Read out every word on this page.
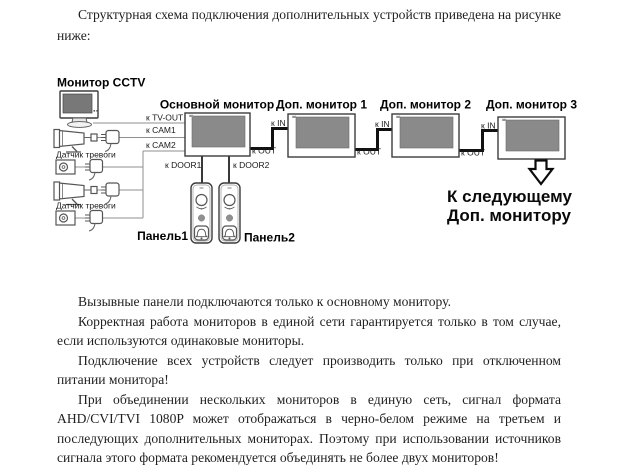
Структурная схема подключения дополнительных устройств приведена на рисунке ниже:
Монитор CCTV
Основной монитор Доп. монитор 1 Доп. монитор 2 Доп. монитор 3
Панель1	Панель2
Датчик тревоги
Датчик тревоги
к TV-OUT
к CAM1
к CAM2
к DOOR1	к DOOR2
к OUT
к IN
к OUT
к IN
к OUT
к IN
К следующему
Доп. монитору
Вызывные панели подключаются только к основному монитору.
Корректная работа мониторов в единой сети гарантируется только в том случае, если используются одинаковые мониторы.
Подключение всех устройств следует производить только при отключенном питании монитора!
При объединении нескольких мониторов в единую сеть, сигнал формата AHD/CVI/TVI 1080P может отображаться в черно-белом режиме на третьем и последующих дополнительных мониторах. Поэтому при использовании источников сигнала этого формата рекомендуется объединять не более двух мониторов!
